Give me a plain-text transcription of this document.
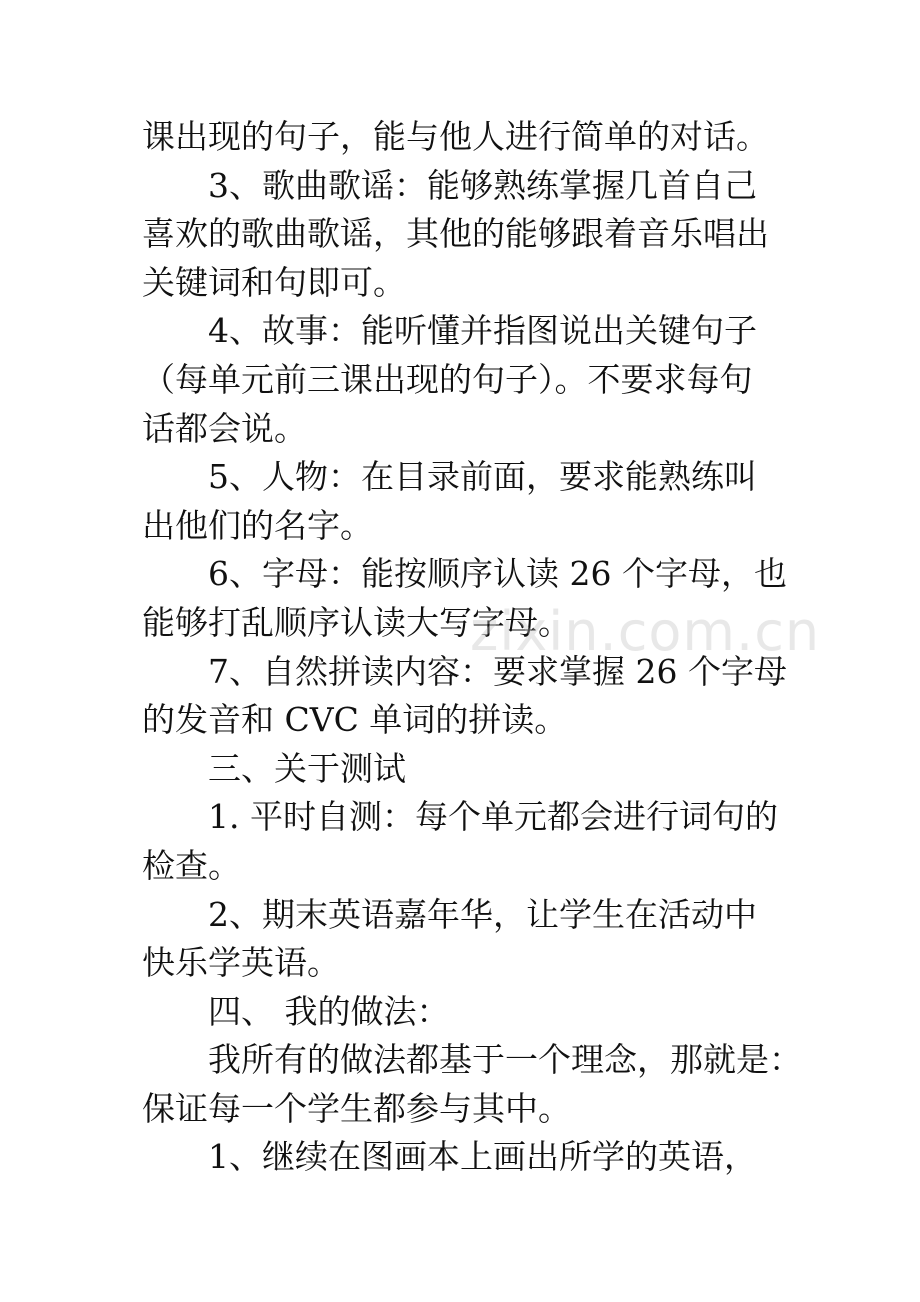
课出现的句子，能与他人进行简单的对话。
3、歌曲歌谣：能够熟练掌握几首自己
喜欢的歌曲歌谣，其他的能够跟着音乐唱出
关键词和句即可。
4、故事：能听懂并指图说出关键句子
（每单元前三课出现的句子）。不要求每句
话都会说。
5、人物：在目录前面，要求能熟练叫
出他们的名字。
6、字母：能按顺序认读 26 个字母，也
能够打乱顺序认读大写字母。
7、自然拼读内容：要求掌握 26 个字母
的发音和 CVC 单词的拼读。
三、关于测试
1. 平时自测：每个单元都会进行词句的
检查。
2、期末英语嘉年华，让学生在活动中
快乐学英语。
四、 我的做法：
我所有的做法都基于一个理念，那就是：
保证每一个学生都参与其中。
1、继续在图画本上画出所学的英语，
zixin.com.cn
